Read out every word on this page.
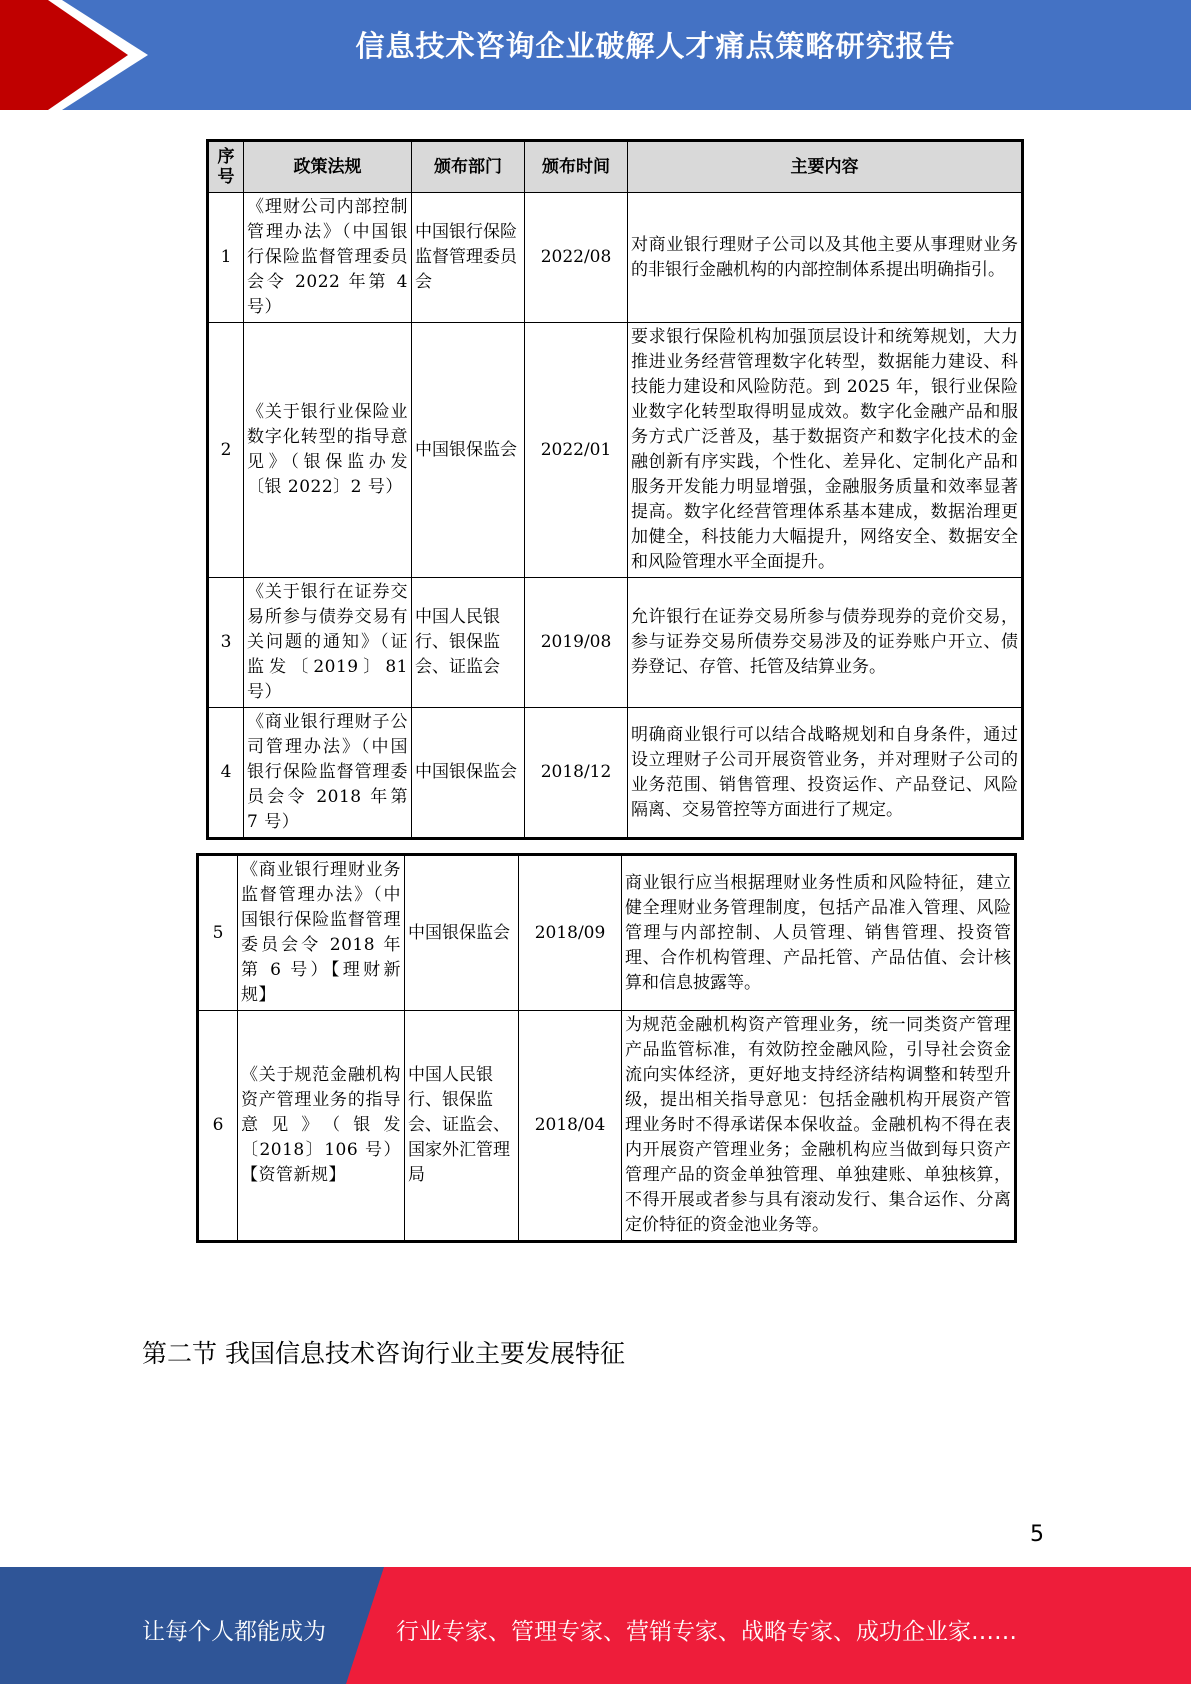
信息技术咨询企业破解人才痛点策略研究报告
序号	政策法规	颁布部门	颁布时间	主要内容
1	《理财公司内部控制管理办法》（中国银行保险监督管理委员会令 2022 年第 4 号）	中国银行保险监督管理委员会	2022/08	对商业银行理财子公司以及其他主要从事理财业务的非银行金融机构的内部控制体系提出明确指引。
2	《关于银行业保险业数字化转型的指导意见》（银保监办发〔银 2022〕2 号）	中国银保监会	2022/01	要求银行保险机构加强顶层设计和统筹规划，大力推进业务经营管理数字化转型，数据能力建设、科技能力建设和风险防范。到 2025 年，银行业保险业数字化转型取得明显成效。数字化金融产品和服务方式广泛普及，基于数据资产和数字化技术的金融创新有序实践，个性化、差异化、定制化产品和服务开发能力明显增强，金融服务质量和效率显著提高。数字化经营管理体系基本建成，数据治理更加健全，科技能力大幅提升，网络安全、数据安全和风险管理水平全面提升。
3	《关于银行在证券交易所参与债券交易有关问题的通知》（证监发〔2019〕81 号）	中国人民银行、银保监会、证监会	2019/08	允许银行在证券交易所参与债券现券的竞价交易，参与证券交易所债券交易涉及的证券账户开立、债券登记、存管、托管及结算业务。
4	《商业银行理财子公司管理办法》（中国银行保险监督管理委员会令 2018 年第 7 号）	中国银保监会	2018/12	明确商业银行可以结合战略规划和自身条件，通过设立理财子公司开展资管业务，并对理财子公司的业务范围、销售管理、投资运作、产品登记、风险隔离、交易管控等方面进行了规定。
5	《商业银行理财业务监督管理办法》（中国银行保险监督管理委员会令 2018 年第 6 号）【理财新规】	中国银保监会	2018/09	商业银行应当根据理财业务性质和风险特征，建立健全理财业务管理制度，包括产品准入管理、风险管理与内部控制、人员管理、销售管理、投资管理、合作机构管理、产品托管、产品估值、会计核算和信息披露等。
6	《关于规范金融机构资产管理业务的指导意见》（银发〔2018〕106 号）【资管新规】	中国人民银行、银保监会、证监会、国家外汇管理局	2018/04	为规范金融机构资产管理业务，统一同类资产管理产品监管标准，有效防控金融风险，引导社会资金流向实体经济，更好地支持经济结构调整和转型升级，提出相关指导意见：包括金融机构开展资产管理业务时不得承诺保本保收益。金融机构不得在表内开展资产管理业务；金融机构应当做到每只资产管理产品的资金单独管理、单独建账、单独核算，不得开展或者参与具有滚动发行、集合运作、分离定价特征的资金池业务等。
第二节 我国信息技术咨询行业主要发展特征
5
让每个人都能成为	行业专家、管理专家、营销专家、战略专家、成功企业家……
